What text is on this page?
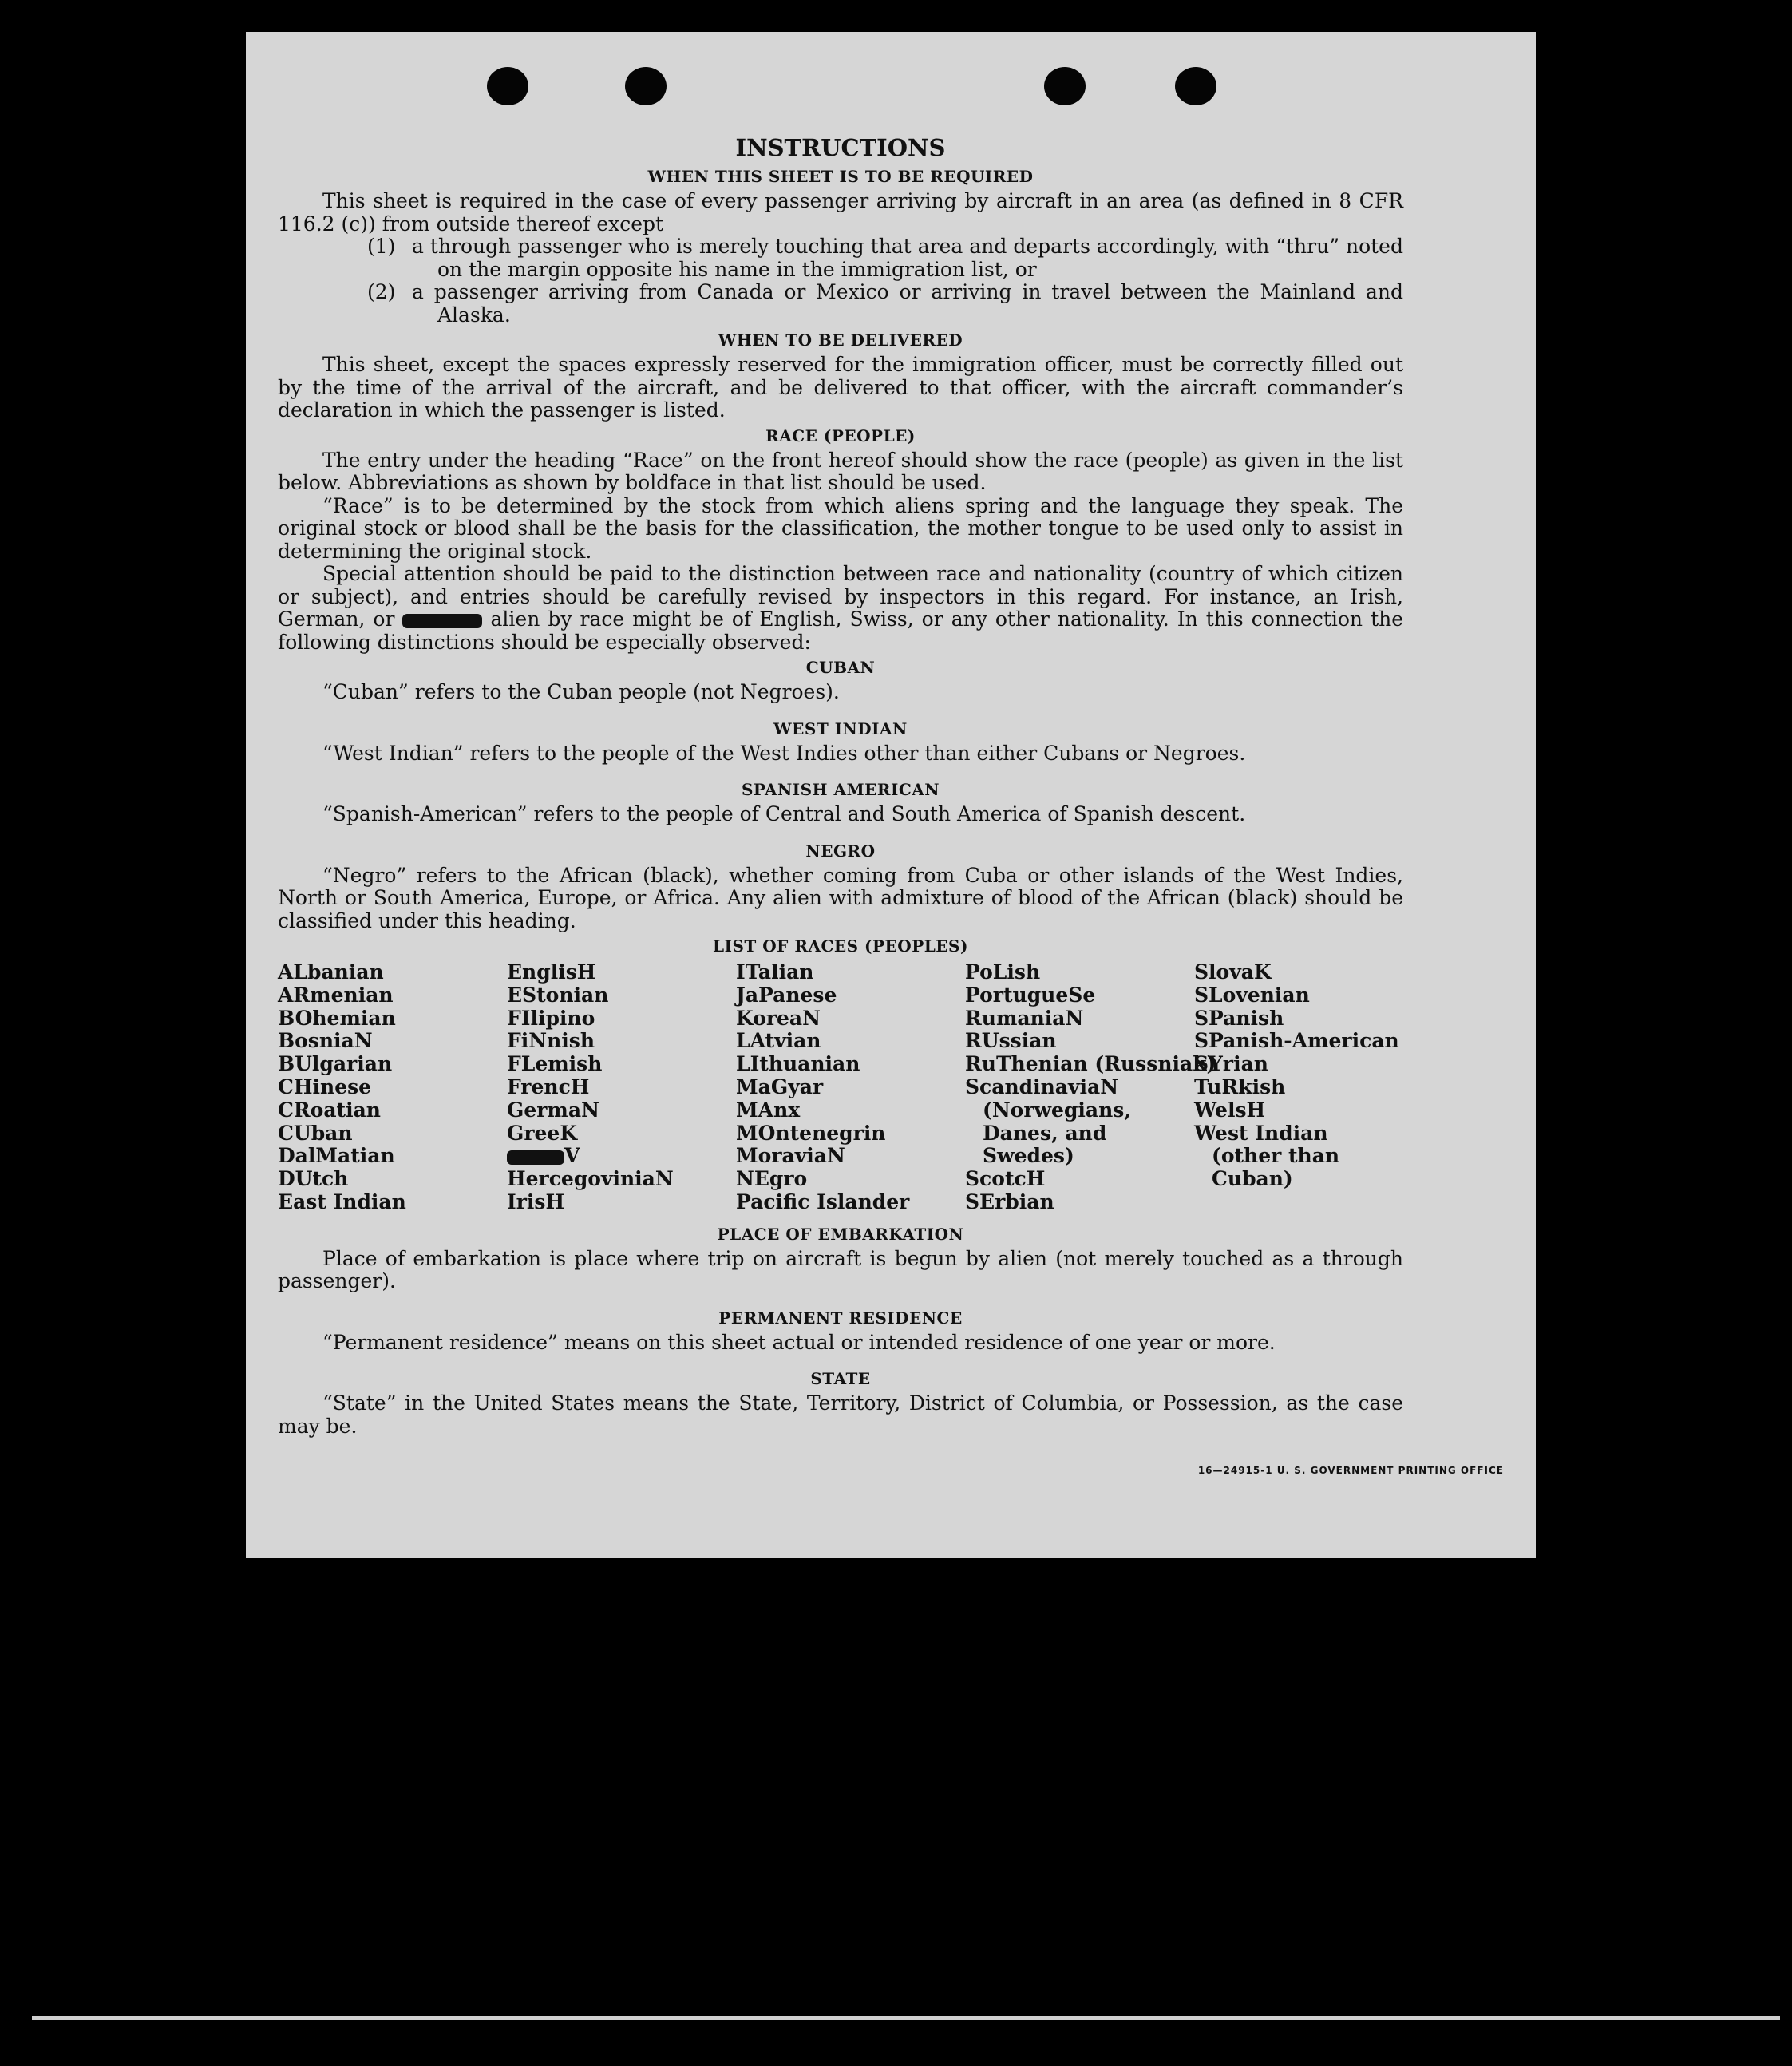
INSTRUCTIONS
WHEN THIS SHEET IS TO BE REQUIRED

This sheet is required in the case of every passenger arriving by aircraft in an area (as defined in 8 CFR 116.2 (c)) from outside thereof except

(1) a through passenger who is merely touching that area and departs accordingly, with “thru” noted on the margin opposite his name in the immigration list, or

(2) a passenger arriving from Canada or Mexico or arriving in travel between the Mainland and Alaska.

WHEN TO BE DELIVERED

This sheet, except the spaces expressly reserved for the immigration officer, must be correctly filled out by the time of the arrival of the aircraft, and be delivered to that officer, with the aircraft commander’s declaration in which the passenger is listed.

RACE (PEOPLE)

The entry under the heading “Race” on the front hereof should show the race (people) as given in the list below. Abbreviations as shown by boldface in that list should be used.

“Race” is to be determined by the stock from which aliens spring and the language they speak. The original stock or blood shall be the basis for the classification, the mother tongue to be used only to assist in determining the original stock.

Special attention should be paid to the distinction between race and nationality (country of which citizen or subject), and entries should be carefully revised by inspectors in this regard. For instance, an Irish, German, or	alien by race might be of English, Swiss, or any other nationality. In this connection the following distinctions should be especially observed:

CUBAN

“Cuban” refers to the Cuban people (not Negroes).

WEST INDIAN

“West Indian” refers to the people of the West Indies other than either Cubans or Negroes.

SPANISH AMERICAN

“Spanish-American” refers to the people of Central and South America of Spanish descent.

NEGRO

“Negro” refers to the African (black), whether coming from Cuba or other islands of the West Indies, North or South America, Europe, or Africa. Any alien with admixture of blood of the African (black) should be classified under this heading.

LIST OF RACES (PEOPLES)
ALbanian
ARmenian
BOhemian
BosniaN
BUlgarian
CHinese
CRoatian
CUban
DalMatian
DUtch
East Indian
EnglisH
EStonian
FIlipino
FiNnish
FLemish
FrencH
GermaN
GreeK
V
HercegoviniaN
IrisH
ITalian
JaPanese
KoreaN
LAtvian
LIthuanian
MaGyar
MAnx
MOntenegrin
MoraviaN
NEgro
Pacific Islander
PoLish
PortugueSe
RumaniaN
RUssian
RuThenian (Russniak)
ScandinaviaN (Norwegians, Danes, and Swedes)
ScotcH
SErbian
SlovaK
SLovenian
SPanish
SPanish-American
SYrian
TuRkish
WelsH
West Indian (other than Cuban)
PLACE OF EMBARKATION

Place of embarkation is place where trip on aircraft is begun by alien (not merely touched as a through passenger).

PERMANENT RESIDENCE

“Permanent residence” means on this sheet actual or intended residence of one year or more.

STATE

“State” in the United States means the State, Territory, District of Columbia, or Possession, as the case may be.

16—24915-1 U. S. GOVERNMENT PRINTING OFFICE
